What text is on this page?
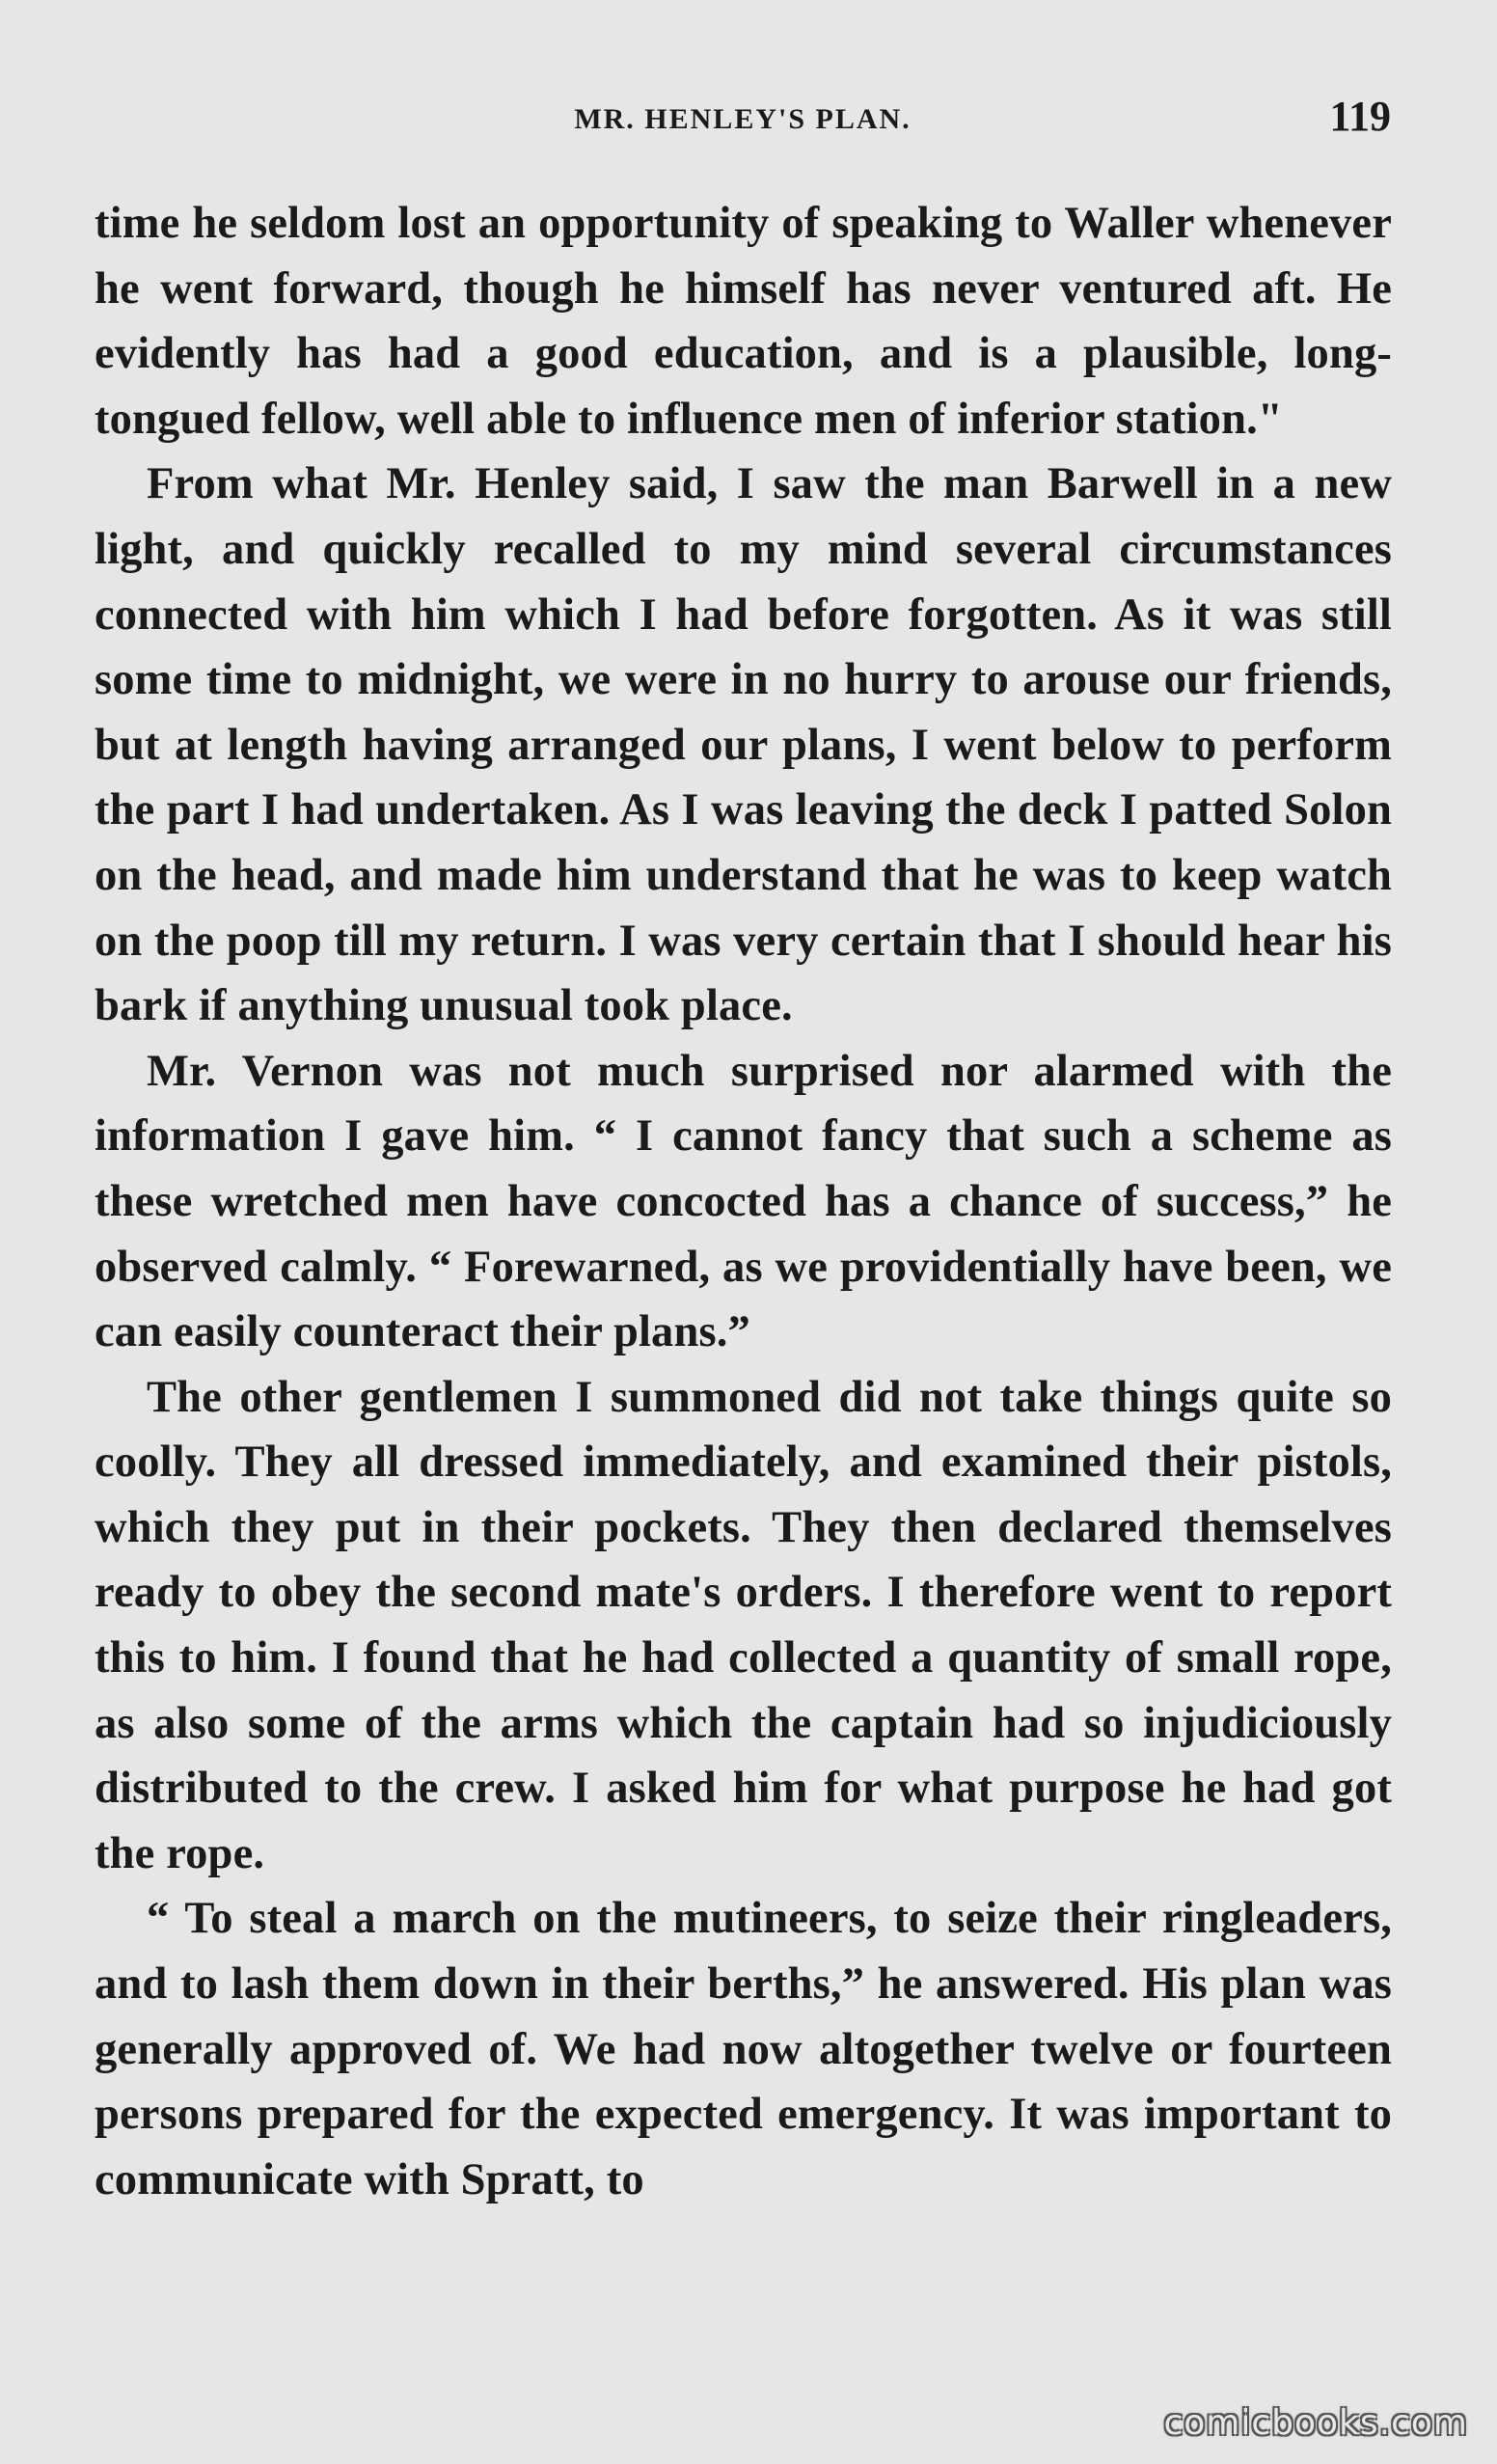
MR. HENLEY'S PLAN.	119

time he seldom lost an opportunity of speaking to Waller whenever he went forward, though he himself has never ventured aft. He evidently has had a good education, and is a plausible, long-tongued fellow, well able to influence men of inferior station."

From what Mr. Henley said, I saw the man Barwell in a new light, and quickly recalled to my mind several circumstances connected with him which I had before forgotten. As it was still some time to midnight, we were in no hurry to arouse our friends, but at length having arranged our plans, I went below to perform the part I had undertaken. As I was leaving the deck I patted Solon on the head, and made him understand that he was to keep watch on the poop till my return. I was very certain that I should hear his bark if anything unusual took place.

Mr. Vernon was not much surprised nor alarmed with the information I gave him. “ I cannot fancy that such a scheme as these wretched men have concocted has a chance of success,” he observed calmly. “ Forewarned, as we providentially have been, we can easily counteract their plans.”

The other gentlemen I summoned did not take things quite so coolly. They all dressed immediately, and examined their pistols, which they put in their pockets. They then declared themselves ready to obey the second mate's orders. I therefore went to report this to him. I found that he had collected a quantity of small rope, as also some of the arms which the captain had so injudiciously distributed to the crew. I asked him for what purpose he had got the rope.

“ To steal a march on the mutineers, to seize their ringleaders, and to lash them down in their berths,” he answered. His plan was generally approved of. We had now altogether twelve or fourteen persons prepared for the expected emergency. It was important to communicate with Spratt, to

comicbooks.com
